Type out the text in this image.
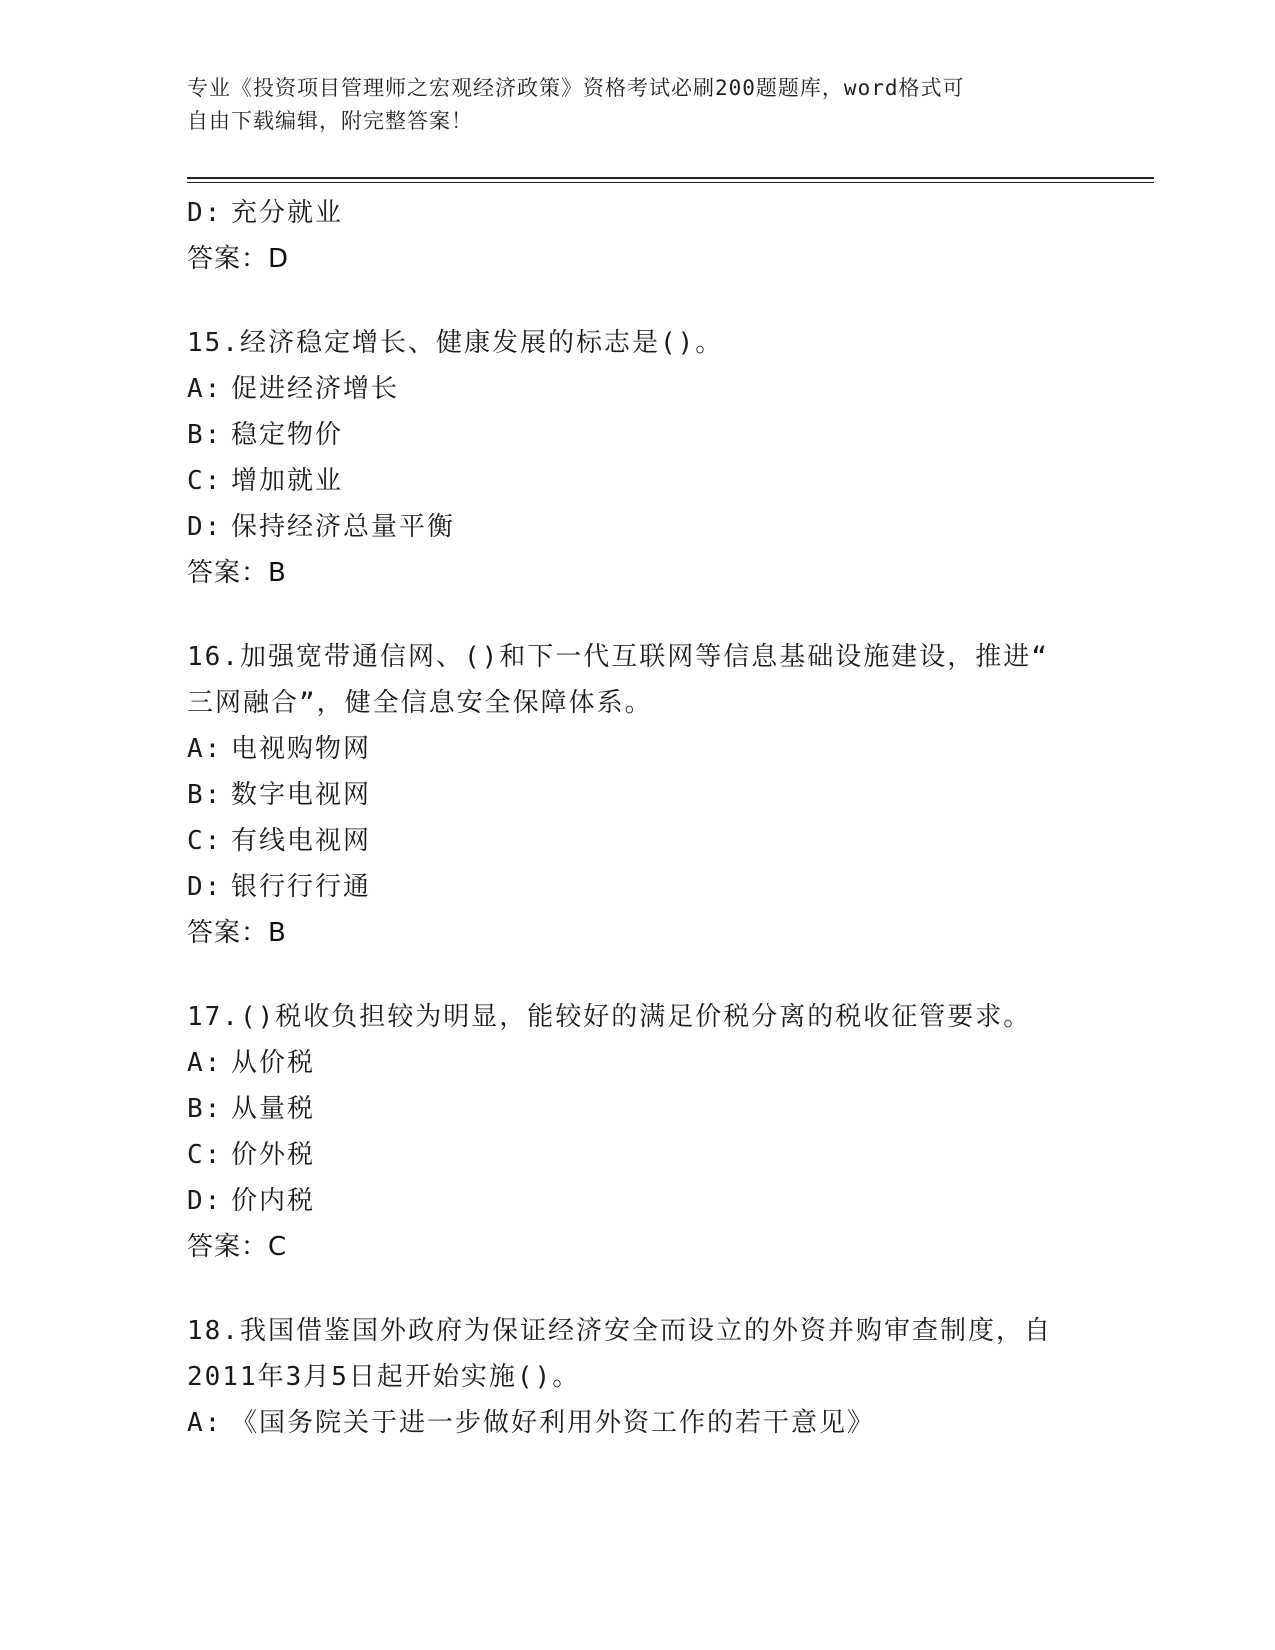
专业《投资项目管理师之宏观经济政策》资格考试必刷200题题库，word格式可
自由下载编辑，附完整答案！
D: 充分就业
答案：D
15.经济稳定增长、健康发展的标志是()。
A: 促进经济增长
B: 稳定物价
C: 增加就业
D: 保持经济总量平衡
答案：B
16.加强宽带通信网、()和下一代互联网等信息基础设施建设，推进“
三网融合”，健全信息安全保障体系。
A: 电视购物网
B: 数字电视网
C: 有线电视网
D: 银行行行通
答案：B
17.()税收负担较为明显，能较好的满足价税分离的税收征管要求。
A: 从价税
B: 从量税
C: 价外税
D: 价内税
答案：C
18.我国借鉴国外政府为保证经济安全而设立的外资并购审查制度，自
2011年3月5日起开始实施()。
A: 《国务院关于进一步做好利用外资工作的若干意见》
